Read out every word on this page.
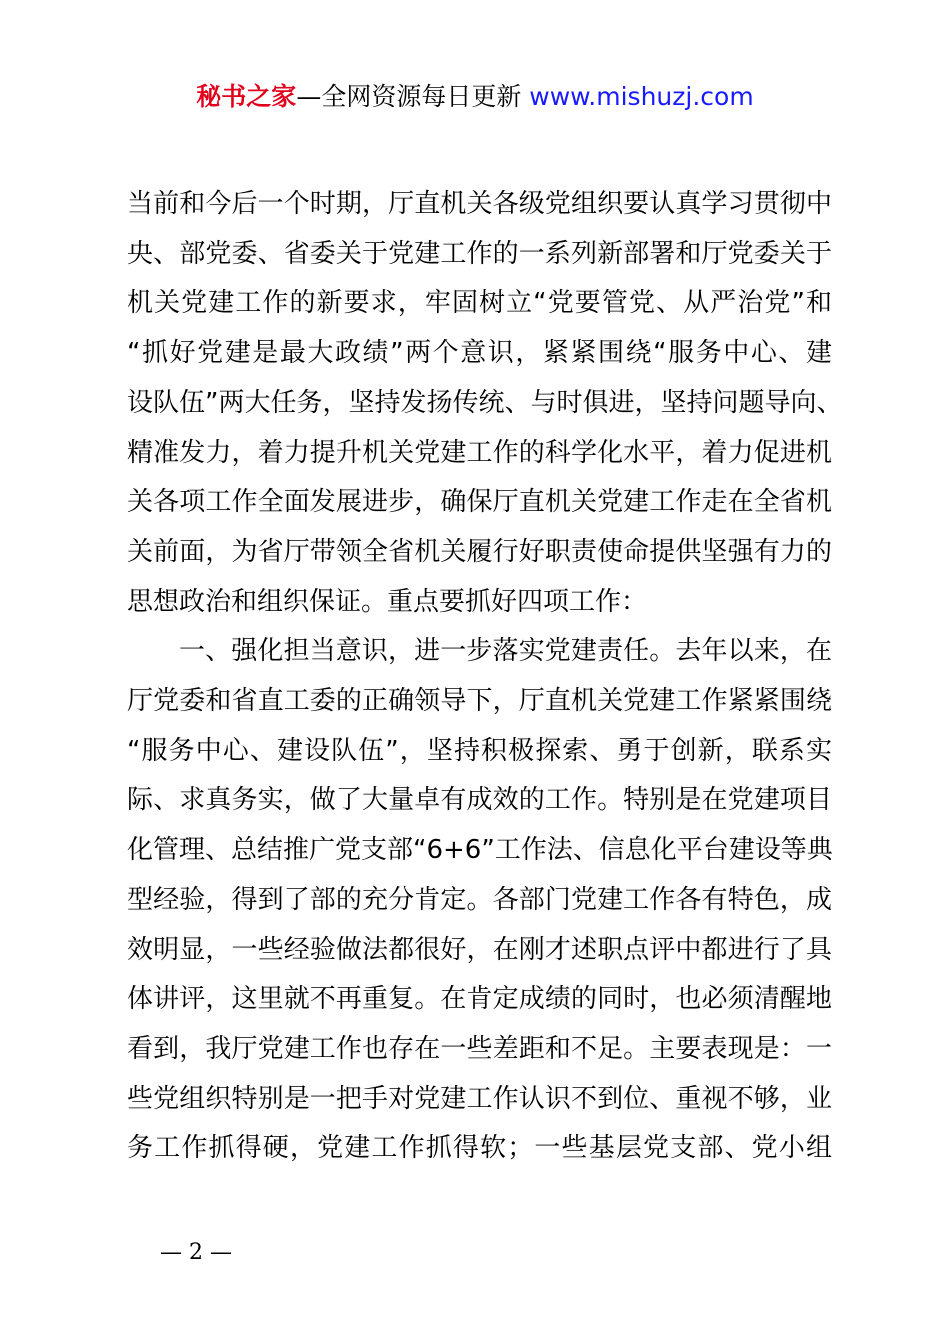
秘书之家—全网资源每日更新 www.mishuzj.com
当前和今后一个时期，厅直机关各级党组织要认真学习贯彻中
央、部党委、省委关于党建工作的一系列新部署和厅党委关于
机关党建工作的新要求，牢固树立“党要管党、从严治党”和
“抓好党建是最大政绩”两个意识，紧紧围绕“服务中心、建
设队伍”两大任务，坚持发扬传统、与时俱进，坚持问题导向、
精准发力，着力提升机关党建工作的科学化水平，着力促进机
关各项工作全面发展进步，确保厅直机关党建工作走在全省机
关前面，为省厅带领全省机关履行好职责使命提供坚强有力的
思想政治和组织保证。重点要抓好四项工作：
一、强化担当意识，进一步落实党建责任。去年以来，在
厅党委和省直工委的正确领导下，厅直机关党建工作紧紧围绕
“服务中心、建设队伍”，坚持积极探索、勇于创新，联系实
际、求真务实，做了大量卓有成效的工作。特别是在党建项目
化管理、总结推广党支部“6+6”工作法、信息化平台建设等典
型经验，得到了部的充分肯定。各部门党建工作各有特色，成
效明显，一些经验做法都很好，在刚才述职点评中都进行了具
体讲评，这里就不再重复。在肯定成绩的同时，也必须清醒地
看到，我厅党建工作也存在一些差距和不足。主要表现是：一
些党组织特别是一把手对党建工作认识不到位、重视不够，业
务工作抓得硬，党建工作抓得软；一些基层党支部、党小组
— 2 —
